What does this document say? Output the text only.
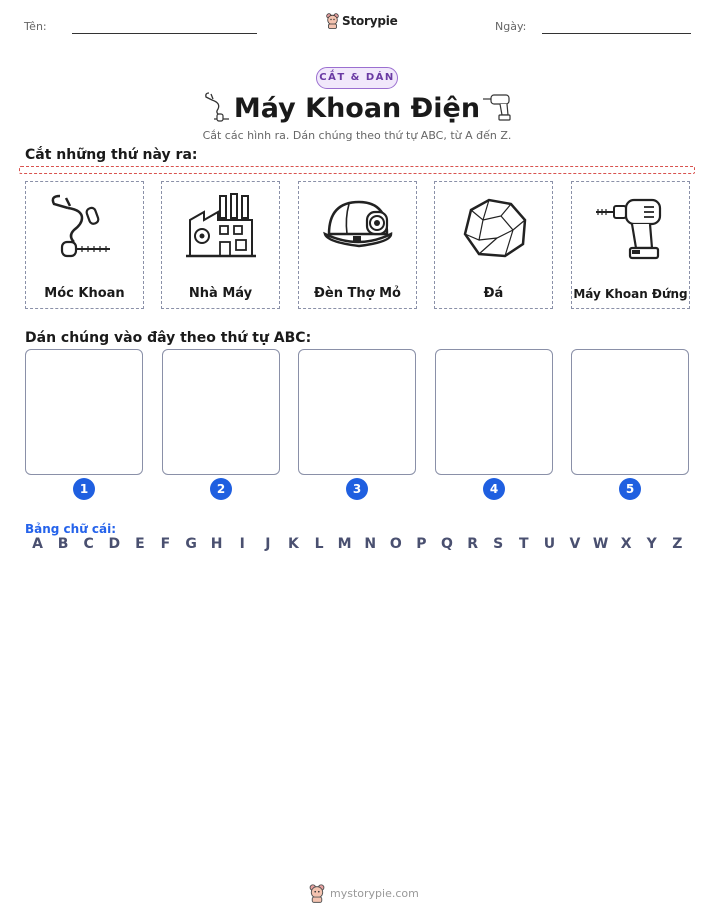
Tên:	Storypie	Ngày:
CẮT & DÁN
Máy Khoan Điện
Cắt các hình ra. Dán chúng theo thứ tự ABC, từ A đến Z.
Cắt những thứ này ra:
Móc Khoan	Nhà Máy	Đèn Thợ Mỏ	Đá	Máy Khoan Đứng
Dán chúng vào đây theo thứ tự ABC:
1	2	3	4	5
Bảng chữ cái:
A	B	C	D	E	F	G H	I	J	K	L	M N O	P	Q	R	S	T	U	V W X	Y	Z
mystorypie.com
